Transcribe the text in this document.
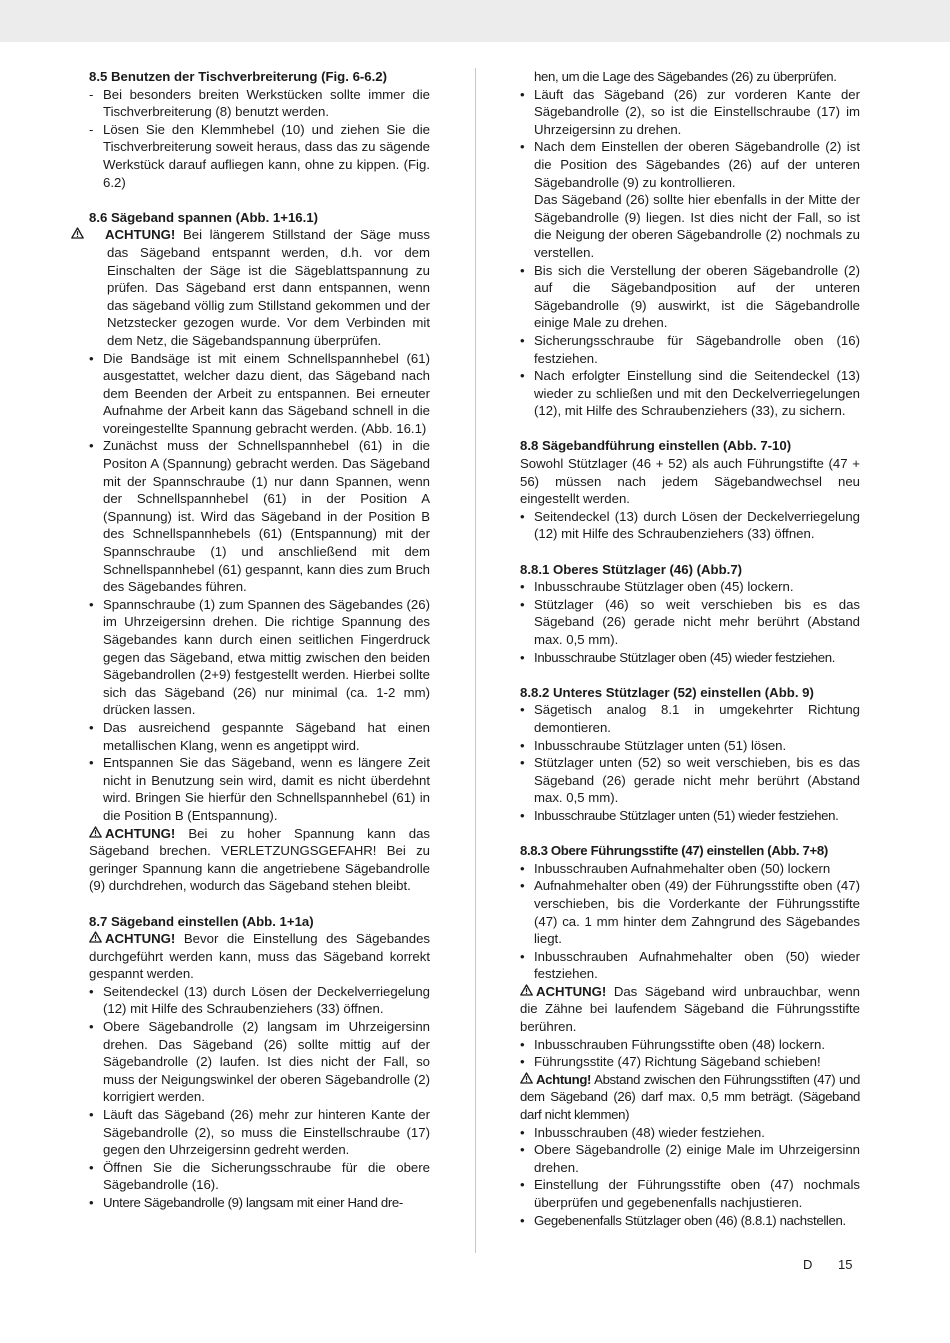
8.5 Benutzen der Tischverbreiterung (Fig. 6-6.2)
- Bei besonders breiten Werkstücken sollte immer die Tischverbreiterung (8) benutzt werden.
- Lösen Sie den Klemmhebel (10) und ziehen Sie die Tischverbreiterung soweit heraus, dass das zu sägende Werkstück darauf aufliegen kann, ohne zu kippen. (Fig. 6.2)
8.6 Sägeband spannen (Abb. 1+16.1)
ACHTUNG! Bei längerem Stillstand der Säge muss das Sägeband entspannt werden, d.h. vor dem Einschalten der Säge ist die Sägeblattspannung zu prüfen. Das Sägeband erst dann entspannen, wenn das sägeband völlig zum Stillstand gekommen und der Netzstecker gezogen wurde. Vor dem Verbinden mit dem Netz, die Sägebandspannung überprüfen.
• Die Bandsäge ist mit einem Schnellspannhebel (61) ausgestattet, welcher dazu dient, das Sägeband nach dem Beenden der Arbeit zu entspannen. Bei erneuter Aufnahme der Arbeit kann das Sägeband schnell in die voreingestellte Spannung gebracht werden. (Abb. 16.1)
• Zunächst muss der Schnellspannhebel (61) in die Positon A (Spannung) gebracht werden. Das Sägeband mit der Spannschraube (1) nur dann Spannen, wenn der Schnellspannhebel (61) in der Position A (Spannung) ist. Wird das Sägeband in der Position B des Schnellspannhebels (61) (Entspannung) mit der Spannschraube (1) und anschließend mit dem Schnellspannhebel (61) gespannt, kann dies zum Bruch des Sägebandes führen.
• Spannschraube (1) zum Spannen des Sägebandes (26) im Uhrzeigersinn drehen. Die richtige Spannung des Sägebandes kann durch einen seitlichen Fingerdruck gegen das Sägeband, etwa mittig zwischen den beiden Sägebandrollen (2+9) festgestellt werden. Hierbei sollte sich das Sägeband (26) nur minimal (ca. 1-2 mm) drücken lassen.
• Das ausreichend gespannte Sägeband hat einen metallischen Klang, wenn es angetippt wird.
• Entspannen Sie das Sägeband, wenn es längere Zeit nicht in Benutzung sein wird, damit es nicht überdehnt wird. Bringen Sie hierfür den Schnellspannhebel (61) in die Position B (Entspannung).
ACHTUNG! Bei zu hoher Spannung kann das Sägeband brechen. VERLETZUNGSGEFAHR! Bei zu geringer Spannung kann die angetriebene Sägebandrolle (9) durchdrehen, wodurch das Sägeband stehen bleibt.
8.7 Sägeband einstellen (Abb. 1+1a)
ACHTUNG! Bevor die Einstellung des Sägebandes durchgeführt werden kann, muss das Sägeband korrekt gespannt werden.
• Seitendeckel (13) durch Lösen der Deckelverriegelung (12) mit Hilfe des Schraubenziehers (33) öffnen.
• Obere Sägebandrolle (2) langsam im Uhrzeigersinn drehen. Das Sägeband (26) sollte mittig auf der Sägebandrolle (2) laufen. Ist dies nicht der Fall, so muss der Neigungswinkel der oberen Sägebandrolle (2) korrigiert werden.
• Läuft das Sägeband (26) mehr zur hinteren Kante der Sägebandrolle (2), so muss die Einstellschraube (17) gegen den Uhrzeigersinn gedreht werden.
• Öffnen Sie die Sicherungsschraube für die obere Sägebandrolle (16).
• Untere Sägebandrolle (9) langsam mit einer Hand dre-
hen, um die Lage des Sägebandes (26) zu überprüfen.
• Läuft das Sägeband (26) zur vorderen Kante der Sägebandrolle (2), so ist die Einstellschraube (17) im Uhrzeigersinn zu drehen.
• Nach dem Einstellen der oberen Sägebandrolle (2) ist die Position des Sägebandes (26) auf der unteren Sägebandrolle (9) zu kontrollieren.
Das Sägeband (26) sollte hier ebenfalls in der Mitte der Sägebandrolle (9) liegen. Ist dies nicht der Fall, so ist die Neigung der oberen Sägebandrolle (2) nochmals zu verstellen.
• Bis sich die Verstellung der oberen Sägebandrolle (2) auf die Sägebandposition auf der unteren Sägebandrolle (9) auswirkt, ist die Sägebandrolle einige Male zu drehen.
• Sicherungsschraube für Sägebandrolle oben (16) festziehen.
• Nach erfolgter Einstellung sind die Seitendeckel (13) wieder zu schließen und mit den Deckelverriegelungen (12), mit Hilfe des Schraubenziehers (33), zu sichern.
8.8 Sägebandführung einstellen (Abb. 7-10)
Sowohl Stützlager (46 + 52) als auch Führungstifte (47 + 56) müssen nach jedem Sägebandwechsel neu eingestellt werden.
• Seitendeckel (13) durch Lösen der Deckelverriegelung (12) mit Hilfe des Schraubenziehers (33) öffnen.
8.8.1 Oberes Stützlager (46) (Abb.7)
• Inbusschraube Stützlager oben (45) lockern.
• Stützlager (46) so weit verschieben bis es das Sägeband (26) gerade nicht mehr berührt (Abstand max. 0,5 mm).
• Inbusschraube Stützlager oben (45) wieder festziehen.
8.8.2 Unteres Stützlager (52) einstellen (Abb. 9)
• Sägetisch analog 8.1 in umgekehrter Richtung demontieren.
• Inbusschraube Stützlager unten (51) lösen.
• Stützlager unten (52) so weit verschieben, bis es das Sägeband (26) gerade nicht mehr berührt (Abstand max. 0,5 mm).
• Inbusschraube Stützlager unten (51) wieder festziehen.
8.8.3 Obere Führungsstifte (47) einstellen (Abb. 7+8)
• Inbusschrauben Aufnahmehalter oben (50) lockern
• Aufnahmehalter oben (49) der Führungsstifte oben (47) verschieben, bis die Vorderkante der Führungsstifte (47) ca. 1 mm hinter dem Zahngrund des Sägebandes liegt.
• Inbusschrauben Aufnahmehalter oben (50) wieder festziehen.
ACHTUNG! Das Sägeband wird unbrauchbar, wenn die Zähne bei laufendem Sägeband die Führungsstifte berühren.
• Inbusschrauben Führungsstifte oben (48) lockern.
• Führungsstite (47) Richtung Sägeband schieben!
Achtung! Abstand zwischen den Führungsstiften (47) und dem Sägeband (26) darf max. 0,5 mm beträgt. (Sägeband darf nicht klemmen)
• Inbusschrauben (48) wieder festziehen.
• Obere Sägebandrolle (2) einige Male im Uhrzeigersinn drehen.
• Einstellung der Führungsstifte oben (47) nochmals überprüfen und gegebenenfalls nachjustieren.
• Gegebenenfalls Stützlager oben (46) (8.8.1) nachstellen.
D 15
